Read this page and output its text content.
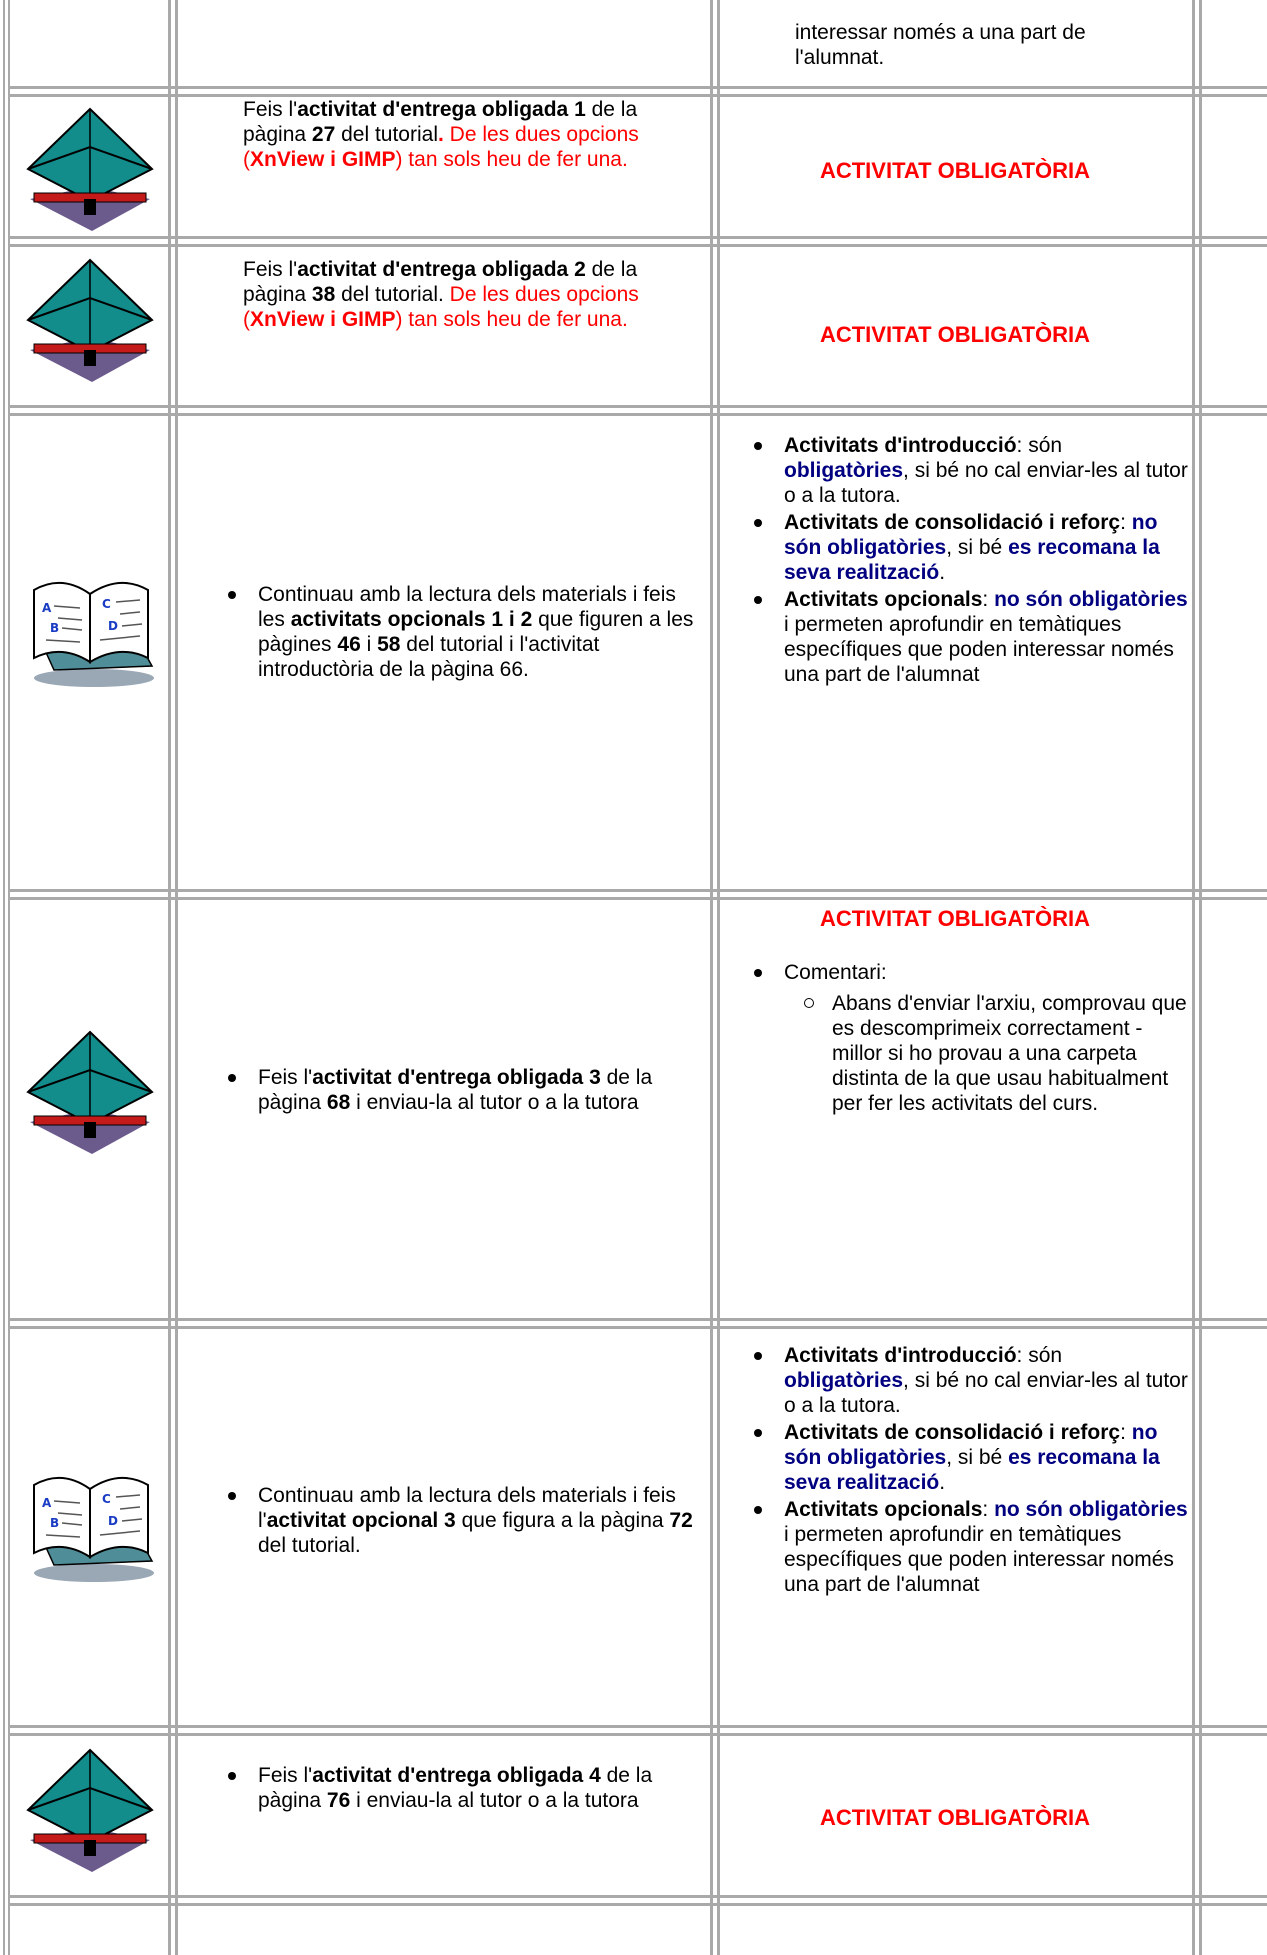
interessar només a una part de
l'alumnat.
Feis l'activitat d'entrega obligada 1 de la pàgina 27 del tutorial. De les dues opcions (XnView i GIMP) tan sols heu de fer una.	ACTIVITAT OBLIGATÒRIA
Feis l'activitat d'entrega obligada 2 de la pàgina 38 del tutorial. De les dues opcions (XnView i GIMP) tan sols heu de fer una.
ACTIVITAT OBLIGATÒRIA
A
B
C
D
Continuau amb la lectura dels materials i feis les activitats opcionals 1 i 2 que figuren a les pàgines 46 i 58 del tutorial i l'activitat introductòria de la pàgina 66.
Activitats d'introducció: són obligatòries, si bé no cal enviar-les al tutor o a la tutora.
Activitats de consolidació i reforç: no són obligatòries, si bé es recomana la seva realització.
Activitats opcionals: no són obligatòries i permeten aprofundir en temàtiques específiques que poden interessar només una part de l'alumnat
Feis l'activitat d'entrega obligada 3 de la pàgina 68 i enviau-la al tutor o a la tutora
ACTIVITAT OBLIGATÒRIA
Comentari:
Abans d'enviar l'arxiu, comprovau que es descomprimeix correctament -millor si ho provau a una carpeta distinta de la que usau habitualment per fer les activitats del curs.
A
B
C
D
Continuau amb la lectura dels materials i feis l'activitat opcional 3 que figura a la pàgina 72 del tutorial.
Activitats d'introducció: són obligatòries, si bé no cal enviar-les al tutor o a la tutora.
Activitats de consolidació i reforç: no són obligatòries, si bé es recomana la seva realització.
Activitats opcionals: no són obligatòries i permeten aprofundir en temàtiques específiques que poden interessar només una part de l'alumnat
Feis l'activitat d'entrega obligada 4 de la pàgina 76 i enviau-la al tutor o a la tutora
ACTIVITAT OBLIGATÒRIA
